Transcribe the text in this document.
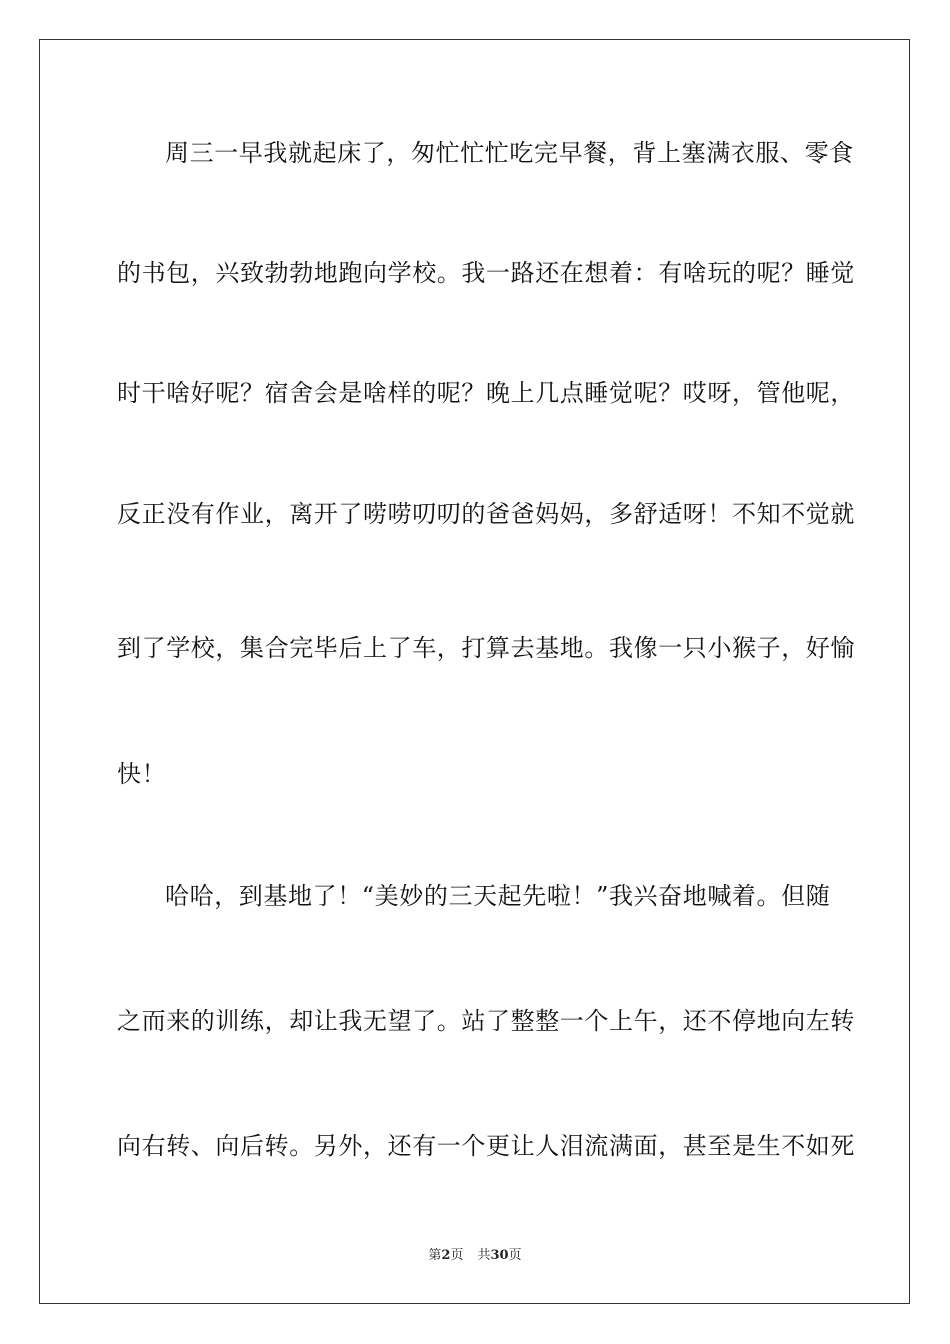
周三一早我就起床了，匆忙忙忙吃完早餐，背上塞满衣服、零食
的书包，兴致勃勃地跑向学校。我一路还在想着：有啥玩的呢？睡觉
时干啥好呢？宿舍会是啥样的呢？晚上几点睡觉呢？哎呀，管他呢，
反正没有作业，离开了唠唠叨叨的爸爸妈妈，多舒适呀！不知不觉就
到了学校，集合完毕后上了车，打算去基地。我像一只小猴子，好愉
快！
哈哈，到基地了！“美妙的三天起先啦！”我兴奋地喊着。但随
之而来的训练，却让我无望了。站了整整一个上午，还不停地向左转
向右转、向后转。另外，还有一个更让人泪流满面，甚至是生不如死
第2页 共30页
